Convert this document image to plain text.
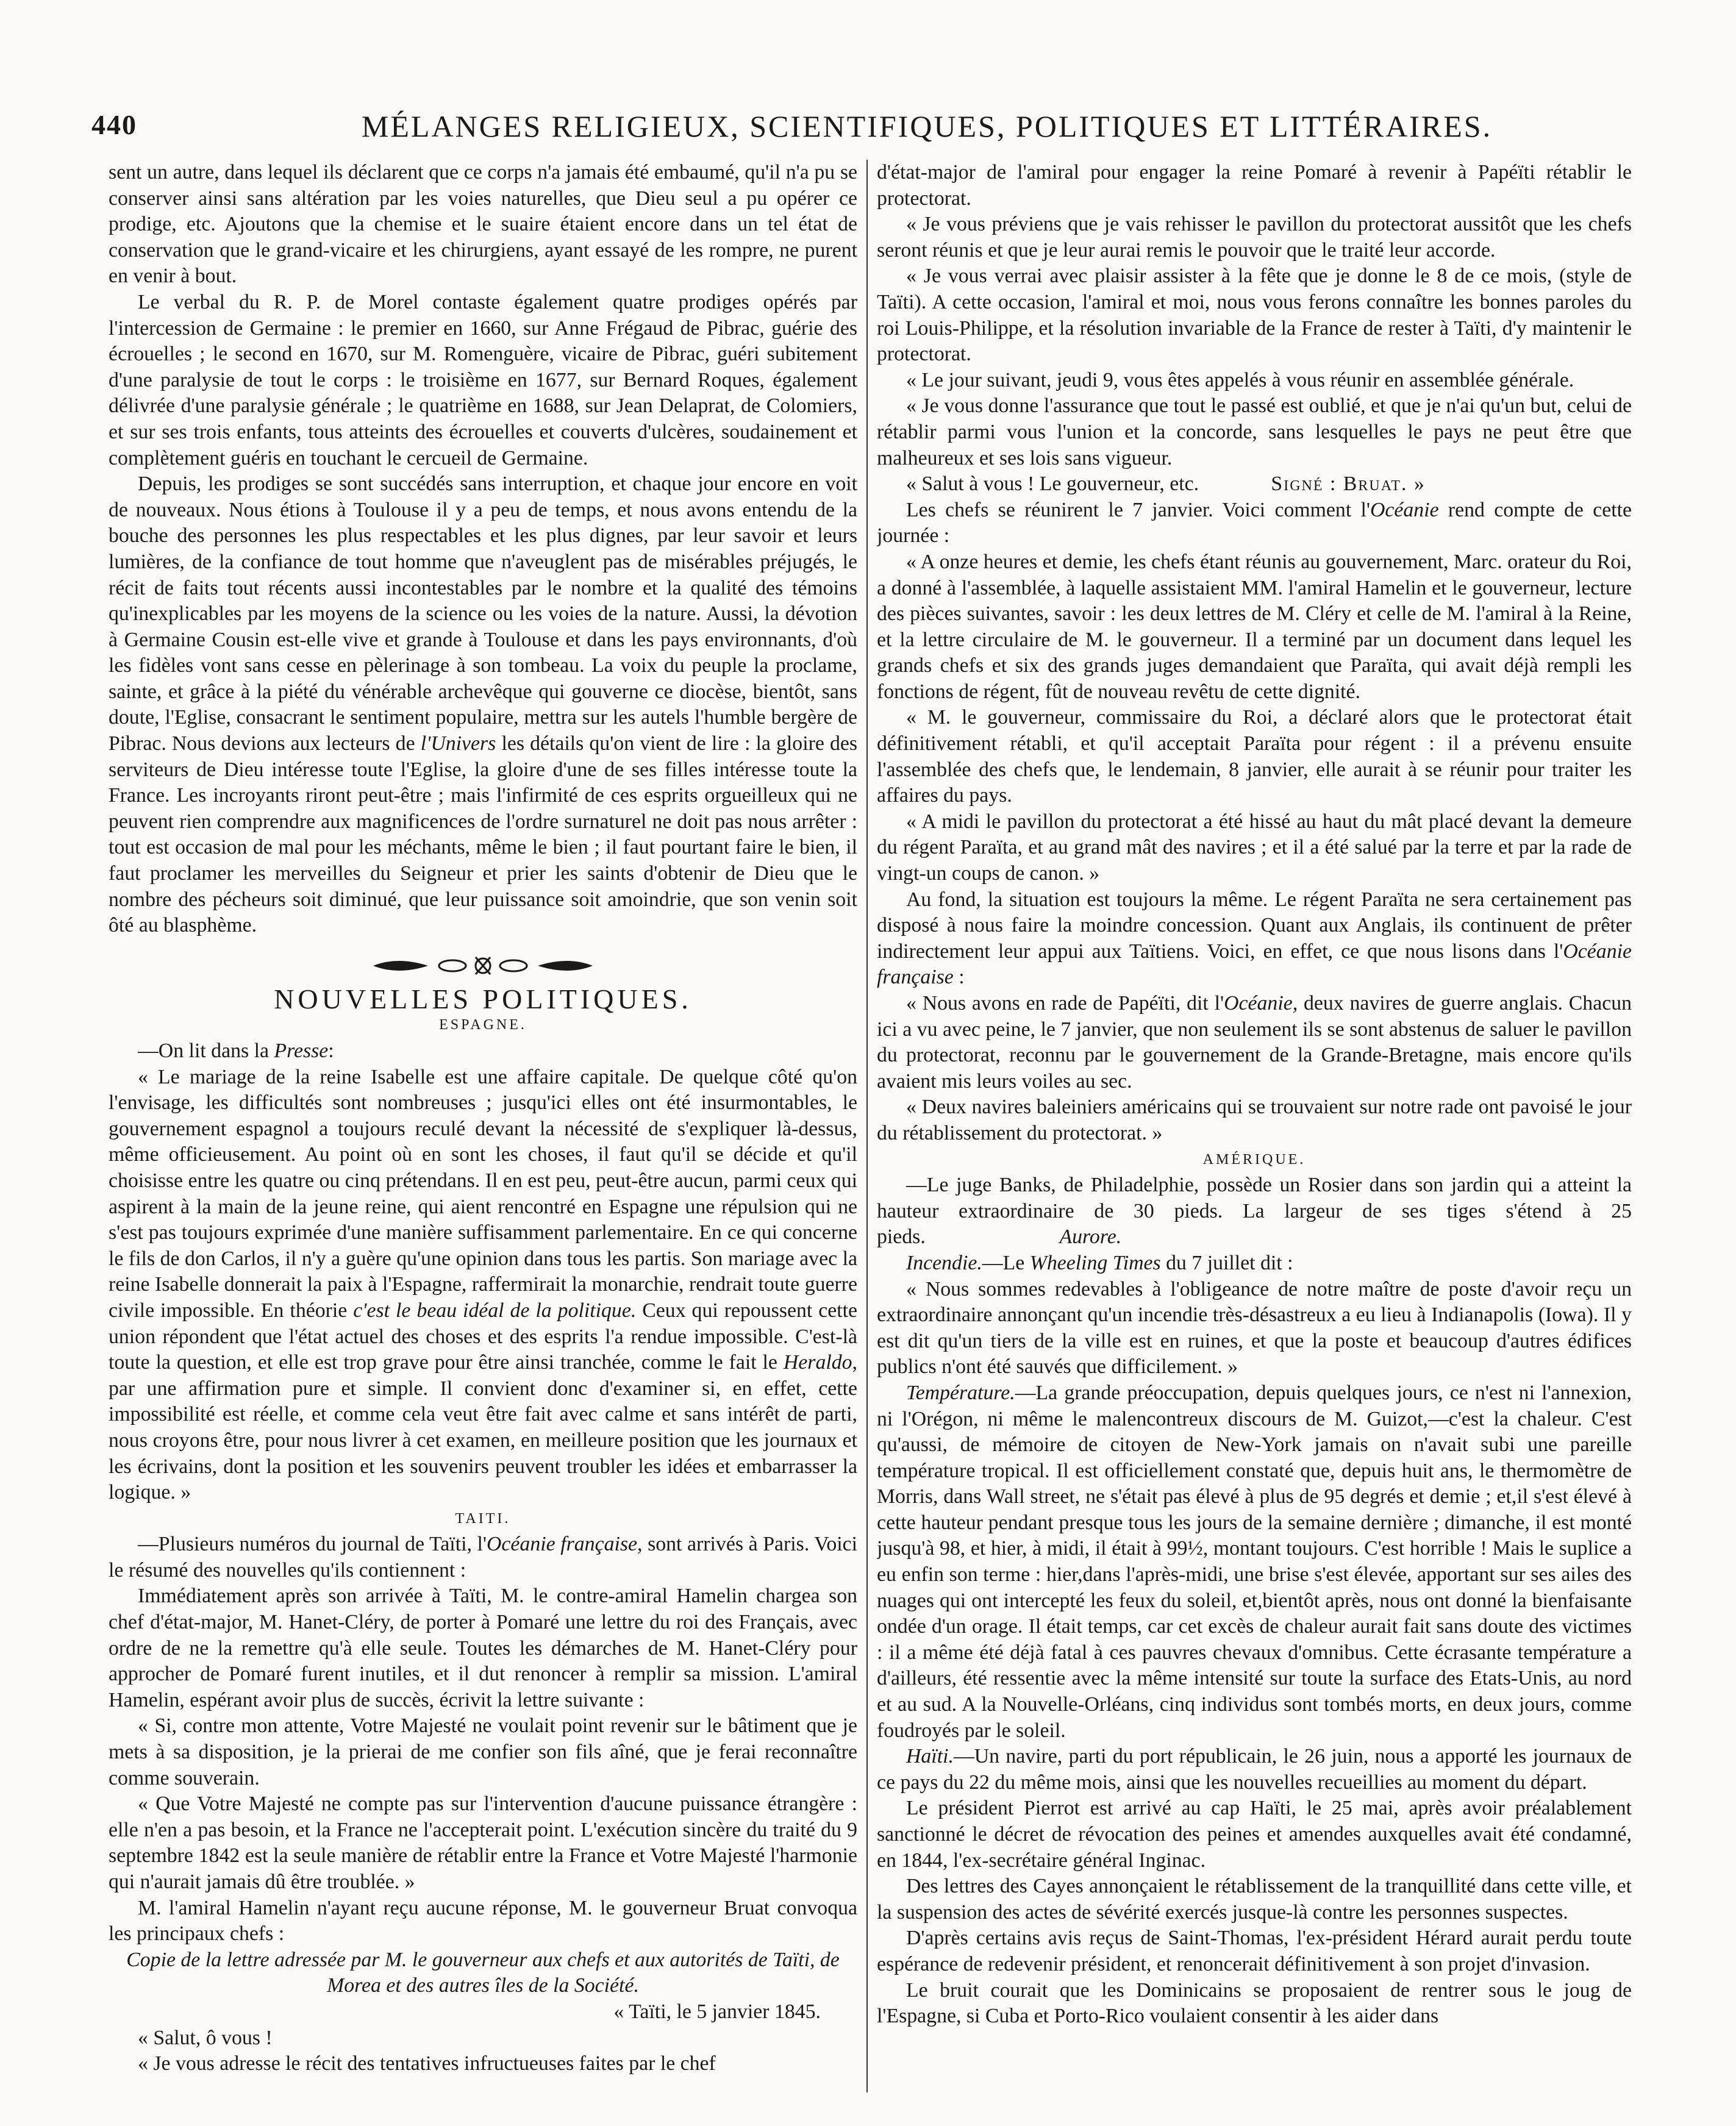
440	MÉLANGES RELIGIEUX, SCIENTIFIQUES, POLITIQUES ET LITTÉRAIRES.

sent un autre, dans lequel ils déclarent que ce corps n'a jamais été embaumé, qu'il n'a pu se conserver ainsi sans altération par les voies naturelles, que Dieu seul a pu opérer ce prodige, etc. Ajoutons que la chemise et le suaire étaient encore dans un tel état de conservation que le grand-vicaire et les chirurgiens, ayant essayé de les rompre, ne purent en venir à bout.

Le verbal du R. P. de Morel contaste également quatre prodiges opérés par l'intercession de Germaine : le premier en 1660, sur Anne Frégaud de Pibrac, guérie des écrouelles ; le second en 1670, sur M. Romenguère, vicaire de Pibrac, guéri subitement d'une paralysie de tout le corps : le troisième en 1677, sur Bernard Roques, également délivrée d'une paralysie générale ; le quatrième en 1688, sur Jean Delaprat, de Colomiers, et sur ses trois enfants, tous atteints des écrouelles et couverts d'ulcères, soudainement et complètement guéris en touchant le cercueil de Germaine.

Depuis, les prodiges se sont succédés sans interruption, et chaque jour encore en voit de nouveaux. Nous étions à Toulouse il y a peu de temps, et nous avons entendu de la bouche des personnes les plus respectables et les plus dignes, par leur savoir et leurs lumières, de la confiance de tout homme que n'aveuglent pas de misérables préjugés, le récit de faits tout récents aussi incontestables par le nombre et la qualité des témoins qu'inexplicables par les moyens de la science ou les voies de la nature. Aussi, la dévotion à Germaine Cousin est-elle vive et grande à Toulouse et dans les pays environnants, d'où les fidèles vont sans cesse en pèlerinage à son tombeau. La voix du peuple la proclame, sainte, et grâce à la piété du vénérable archevêque qui gouverne ce diocèse, bientôt, sans doute, l'Eglise, consacrant le sentiment populaire, mettra sur les autels l'humble bergère de Pibrac. Nous devions aux lecteurs de l'Univers les détails qu'on vient de lire : la gloire des serviteurs de Dieu intéresse toute l'Eglise, la gloire d'une de ses filles intéresse toute la France. Les incroyants riront peut-être ; mais l'infirmité de ces esprits orgueilleux qui ne peuvent rien comprendre aux magnificences de l'ordre surnaturel ne doit pas nous arrêter : tout est occasion de mal pour les méchants, même le bien ; il faut pourtant faire le bien, il faut proclamer les merveilles du Seigneur et prier les saints d'obtenir de Dieu que le nombre des pécheurs soit diminué, que leur puissance soit amoindrie, que son venin soit ôté au blasphème.

NOUVELLES POLITIQUES.

ESPAGNE.

—On lit dans la Presse:

« Le mariage de la reine Isabelle est une affaire capitale. De quelque côté qu'on l'envisage, les difficultés sont nombreuses ; jusqu'ici elles ont été insurmontables, le gouvernement espagnol a toujours reculé devant la nécessité de s'expliquer là-dessus, même officieusement. Au point où en sont les choses, il faut qu'il se décide et qu'il choisisse entre les quatre ou cinq prétendans. Il en est peu, peut-être aucun, parmi ceux qui aspirent à la main de la jeune reine, qui aient rencontré en Espagne une répulsion qui ne s'est pas toujours exprimée d'une manière suffisamment parlementaire. En ce qui concerne le fils de don Carlos, il n'y a guère qu'une opinion dans tous les partis. Son mariage avec la reine Isabelle donnerait la paix à l'Espagne, raffermirait la monarchie, rendrait toute guerre civile impossible. En théorie c'est le beau idéal de la politique. Ceux qui repoussent cette union répondent que l'état actuel des choses et des esprits l'a rendue impossible. C'est-là toute la question, et elle est trop grave pour être ainsi tranchée, comme le fait le Heraldo, par une affirmation pure et simple. Il convient donc d'examiner si, en effet, cette impossibilité est réelle, et comme cela veut être fait avec calme et sans intérêt de parti, nous croyons être, pour nous livrer à cet examen, en meilleure position que les journaux et les écrivains, dont la position et les souvenirs peuvent troubler les idées et embarrasser la logique. »

TAITI.

—Plusieurs numéros du journal de Taïti, l'Océanie française, sont arrivés à Paris. Voici le résumé des nouvelles qu'ils contiennent :

Immédiatement après son arrivée à Taïti, M. le contre-amiral Hamelin chargea son chef d'état-major, M. Hanet-Cléry, de porter à Pomaré une lettre du roi des Français, avec ordre de ne la remettre qu'à elle seule. Toutes les démarches de M. Hanet-Cléry pour approcher de Pomaré furent inutiles, et il dut renoncer à remplir sa mission. L'amiral Hamelin, espérant avoir plus de succès, écrivit la lettre suivante :

« Si, contre mon attente, Votre Majesté ne voulait point revenir sur le bâtiment que je mets à sa disposition, je la prierai de me confier son fils aîné, que je ferai reconnaître comme souverain.

« Que Votre Majesté ne compte pas sur l'intervention d'aucune puissance étrangère : elle n'en a pas besoin, et la France ne l'accepterait point. L'exécution sincère du traité du 9 septembre 1842 est la seule manière de rétablir entre la France et Votre Majesté l'harmonie qui n'aurait jamais dû être troublée. »

M. l'amiral Hamelin n'ayant reçu aucune réponse, M. le gouverneur Bruat convoqua les principaux chefs :

Copie de la lettre adressée par M. le gouverneur aux chefs et aux autorités de Taïti, de Morea et des autres îles de la Société.

« Taïti, le 5 janvier 1845.

« Salut, ô vous !

« Je vous adresse le récit des tentatives infructueuses faites par le chef

d'état-major de l'amiral pour engager la reine Pomaré à revenir à Papéïti rétablir le protectorat.

« Je vous préviens que je vais rehisser le pavillon du protectorat aussitôt que les chefs seront réunis et que je leur aurai remis le pouvoir que le traité leur accorde.

« Je vous verrai avec plaisir assister à la fête que je donne le 8 de ce mois, (style de Taïti). A cette occasion, l'amiral et moi, nous vous ferons connaître les bonnes paroles du roi Louis-Philippe, et la résolution invariable de la France de rester à Taïti, d'y maintenir le protectorat.

« Le jour suivant, jeudi 9, vous êtes appelés à vous réunir en assemblée générale.

« Je vous donne l'assurance que tout le passé est oublié, et que je n'ai qu'un but, celui de rétablir parmi vous l'union et la concorde, sans lesquelles le pays ne peut être que malheureux et ses lois sans vigueur.

« Salut à vous ! Le gouverneur, etc.	Signé : Bruat. »

Les chefs se réunirent le 7 janvier. Voici comment l'Océanie rend compte de cette journée :

« A onze heures et demie, les chefs étant réunis au gouvernement, Marc. orateur du Roi, a donné à l'assemblée, à laquelle assistaient MM. l'amiral Hamelin et le gouverneur, lecture des pièces suivantes, savoir : les deux lettres de M. Cléry et celle de M. l'amiral à la Reine, et la lettre circulaire de M. le gouverneur. Il a terminé par un document dans lequel les grands chefs et six des grands juges demandaient que Paraïta, qui avait déjà rempli les fonctions de régent, fût de nouveau revêtu de cette dignité.

« M. le gouverneur, commissaire du Roi, a déclaré alors que le protectorat était définitivement rétabli, et qu'il acceptait Paraïta pour régent : il a prévenu ensuite l'assemblée des chefs que, le lendemain, 8 janvier, elle aurait à se réunir pour traiter les affaires du pays.

« A midi le pavillon du protectorat a été hissé au haut du mât placé devant la demeure du régent Paraïta, et au grand mât des navires ; et il a été salué par la terre et par la rade de vingt-un coups de canon. »

Au fond, la situation est toujours la même. Le régent Paraïta ne sera certainement pas disposé à nous faire la moindre concession. Quant aux Anglais, ils continuent de prêter indirectement leur appui aux Taïtiens. Voici, en effet, ce que nous lisons dans l'Océanie française :

« Nous avons en rade de Papéïti, dit l'Océanie, deux navires de guerre anglais. Chacun ici a vu avec peine, le 7 janvier, que non seulement ils se sont abstenus de saluer le pavillon du protectorat, reconnu par le gouvernement de la Grande-Bretagne, mais encore qu'ils avaient mis leurs voiles au sec.

« Deux navires baleiniers américains qui se trouvaient sur notre rade ont pavoisé le jour du rétablissement du protectorat. »

AMÉRIQUE.

—Le juge Banks, de Philadelphie, possède un Rosier dans son jardin qui a atteint la hauteur extraordinaire de 30 pieds. La largeur de ses tiges s'étend à 25 pieds.	Aurore.

Incendie.—Le Wheeling Times du 7 juillet dit :

« Nous sommes redevables à l'obligeance de notre maître de poste d'avoir reçu un extraordinaire annonçant qu'un incendie très-désastreux a eu lieu à Indianapolis (Iowa). Il y est dit qu'un tiers de la ville est en ruines, et que la poste et beaucoup d'autres édifices publics n'ont été sauvés que difficilement. »

Température.—La grande préoccupation, depuis quelques jours, ce n'est ni l'annexion, ni l'Orégon, ni même le malencontreux discours de M. Guizot,—c'est la chaleur. C'est qu'aussi, de mémoire de citoyen de New-York jamais on n'avait subi une pareille température tropical. Il est officiellement constaté que, depuis huit ans, le thermomètre de Morris, dans Wall street, ne s'était pas élevé à plus de 95 degrés et demie ; et,il s'est élevé à cette hauteur pendant presque tous les jours de la semaine dernière ; dimanche, il est monté jusqu'à 98, et hier, à midi, il était à 99½, montant toujours. C'est horrible ! Mais le suplice a eu enfin son terme : hier,dans l'après-midi, une brise s'est élevée, apportant sur ses ailes des nuages qui ont intercepté les feux du soleil, et,bientôt après, nous ont donné la bienfaisante ondée d'un orage. Il était temps, car cet excès de chaleur aurait fait sans doute des victimes : il a même été déjà fatal à ces pauvres chevaux d'omnibus. Cette écrasante température a d'ailleurs, été ressentie avec la même intensité sur toute la surface des Etats-Unis, au nord et au sud. A la Nouvelle-Orléans, cinq individus sont tombés morts, en deux jours, comme foudroyés par le soleil.

Haïti.—Un navire, parti du port républicain, le 26 juin, nous a apporté les journaux de ce pays du 22 du même mois, ainsi que les nouvelles recueillies au moment du départ.

Le président Pierrot est arrivé au cap Haïti, le 25 mai, après avoir préalablement sanctionné le décret de révocation des peines et amendes auxquelles avait été condamné, en 1844, l'ex-secrétaire général Inginac.

Des lettres des Cayes annonçaient le rétablissement de la tranquillité dans cette ville, et la suspension des actes de sévérité exercés jusque-là contre les personnes suspectes.

D'après certains avis reçus de Saint-Thomas, l'ex-président Hérard aurait perdu toute espérance de redevenir président, et renoncerait définitivement à son projet d'invasion.

Le bruit courait que les Dominicains se proposaient de rentrer sous le joug de l'Espagne, si Cuba et Porto-Rico voulaient consentir à les aider dans
